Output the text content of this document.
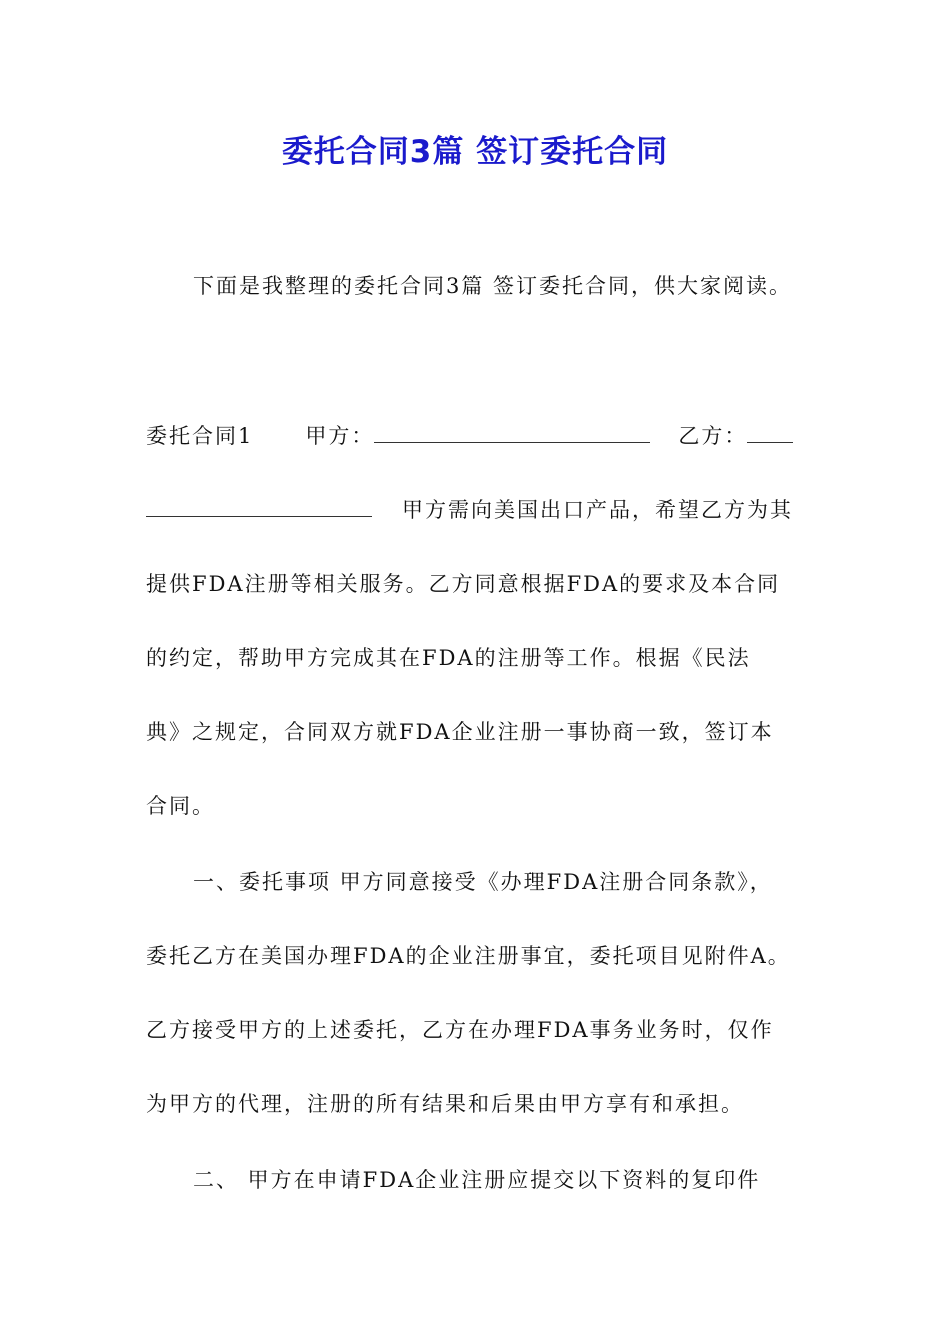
委托合同3篇 签订委托合同
下面是我整理的委托合同3篇 签订委托合同，供大家阅读。
委托合同1 甲方：	乙方：
甲方需向美国出口产品，希望乙方为其
提供FDA注册等相关服务。乙方同意根据FDA的要求及本合同
的约定，帮助甲方完成其在FDA的注册等工作。根据《民法
典》之规定，合同双方就FDA企业注册一事协商一致，签订本
合同。
一、委托事项 甲方同意接受《办理FDA注册合同条款》，
委托乙方在美国办理FDA的企业注册事宜，委托项目见附件A。
乙方接受甲方的上述委托，乙方在办理FDA事务业务时，仅作
为甲方的代理，注册的所有结果和后果由甲方享有和承担。
二、 甲方在申请FDA企业注册应提交以下资料的复印件
